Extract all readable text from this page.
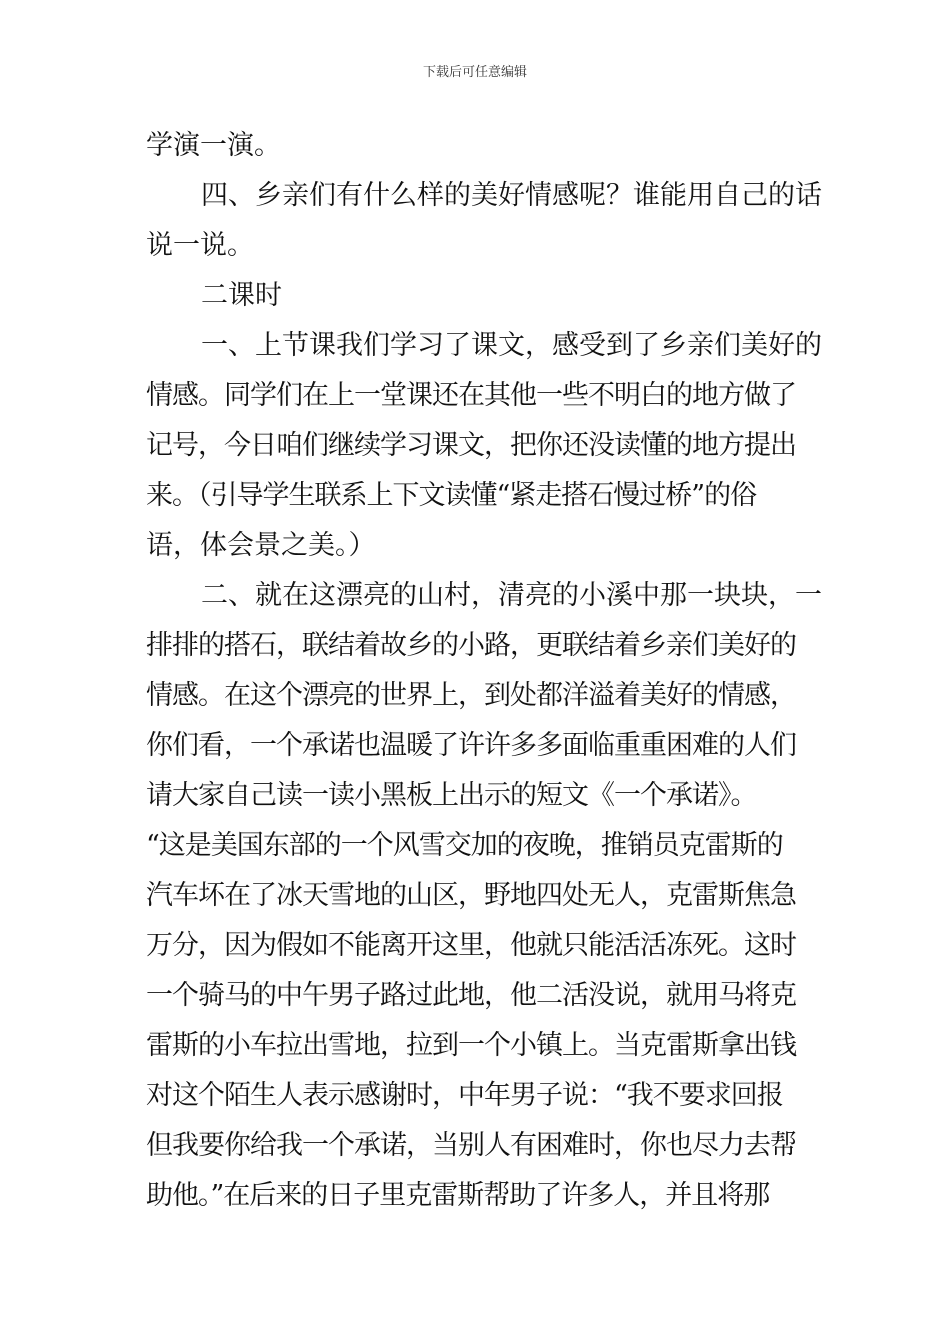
下载后可任意编辑
学演一演。
四、乡亲们有什么样的美好情感呢？谁能用自己的话
说一说。
二课时
一、上节课我们学习了课文，感受到了乡亲们美好的
情感。同学们在上一堂课还在其他一些不明白的地方做了
记号，今日咱们继续学习课文，把你还没读懂的地方提出
来。（引导学生联系上下文读懂“紧走搭石慢过桥”的俗
语，体会景之美。）
二、就在这漂亮的山村，清亮的小溪中那一块块，一
排排的搭石，联结着故乡的小路，更联结着乡亲们美好的
情感。在这个漂亮的世界上，到处都洋溢着美好的情感，
你们看，一个承诺也温暖了许许多多面临重重困难的人们
请大家自己读一读小黑板上出示的短文《一个承诺》。
“这是美国东部的一个风雪交加的夜晚，推销员克雷斯的
汽车坏在了冰天雪地的山区，野地四处无人，克雷斯焦急
万分，因为假如不能离开这里，他就只能活活冻死。这时
一个骑马的中午男子路过此地，他二活没说，就用马将克
雷斯的小车拉出雪地，拉到一个小镇上。当克雷斯拿出钱
对这个陌生人表示感谢时，中年男子说：“我不要求回报
但我要你给我一个承诺，当别人有困难时，你也尽力去帮
助他。”在后来的日子里克雷斯帮助了许多人，并且将那
